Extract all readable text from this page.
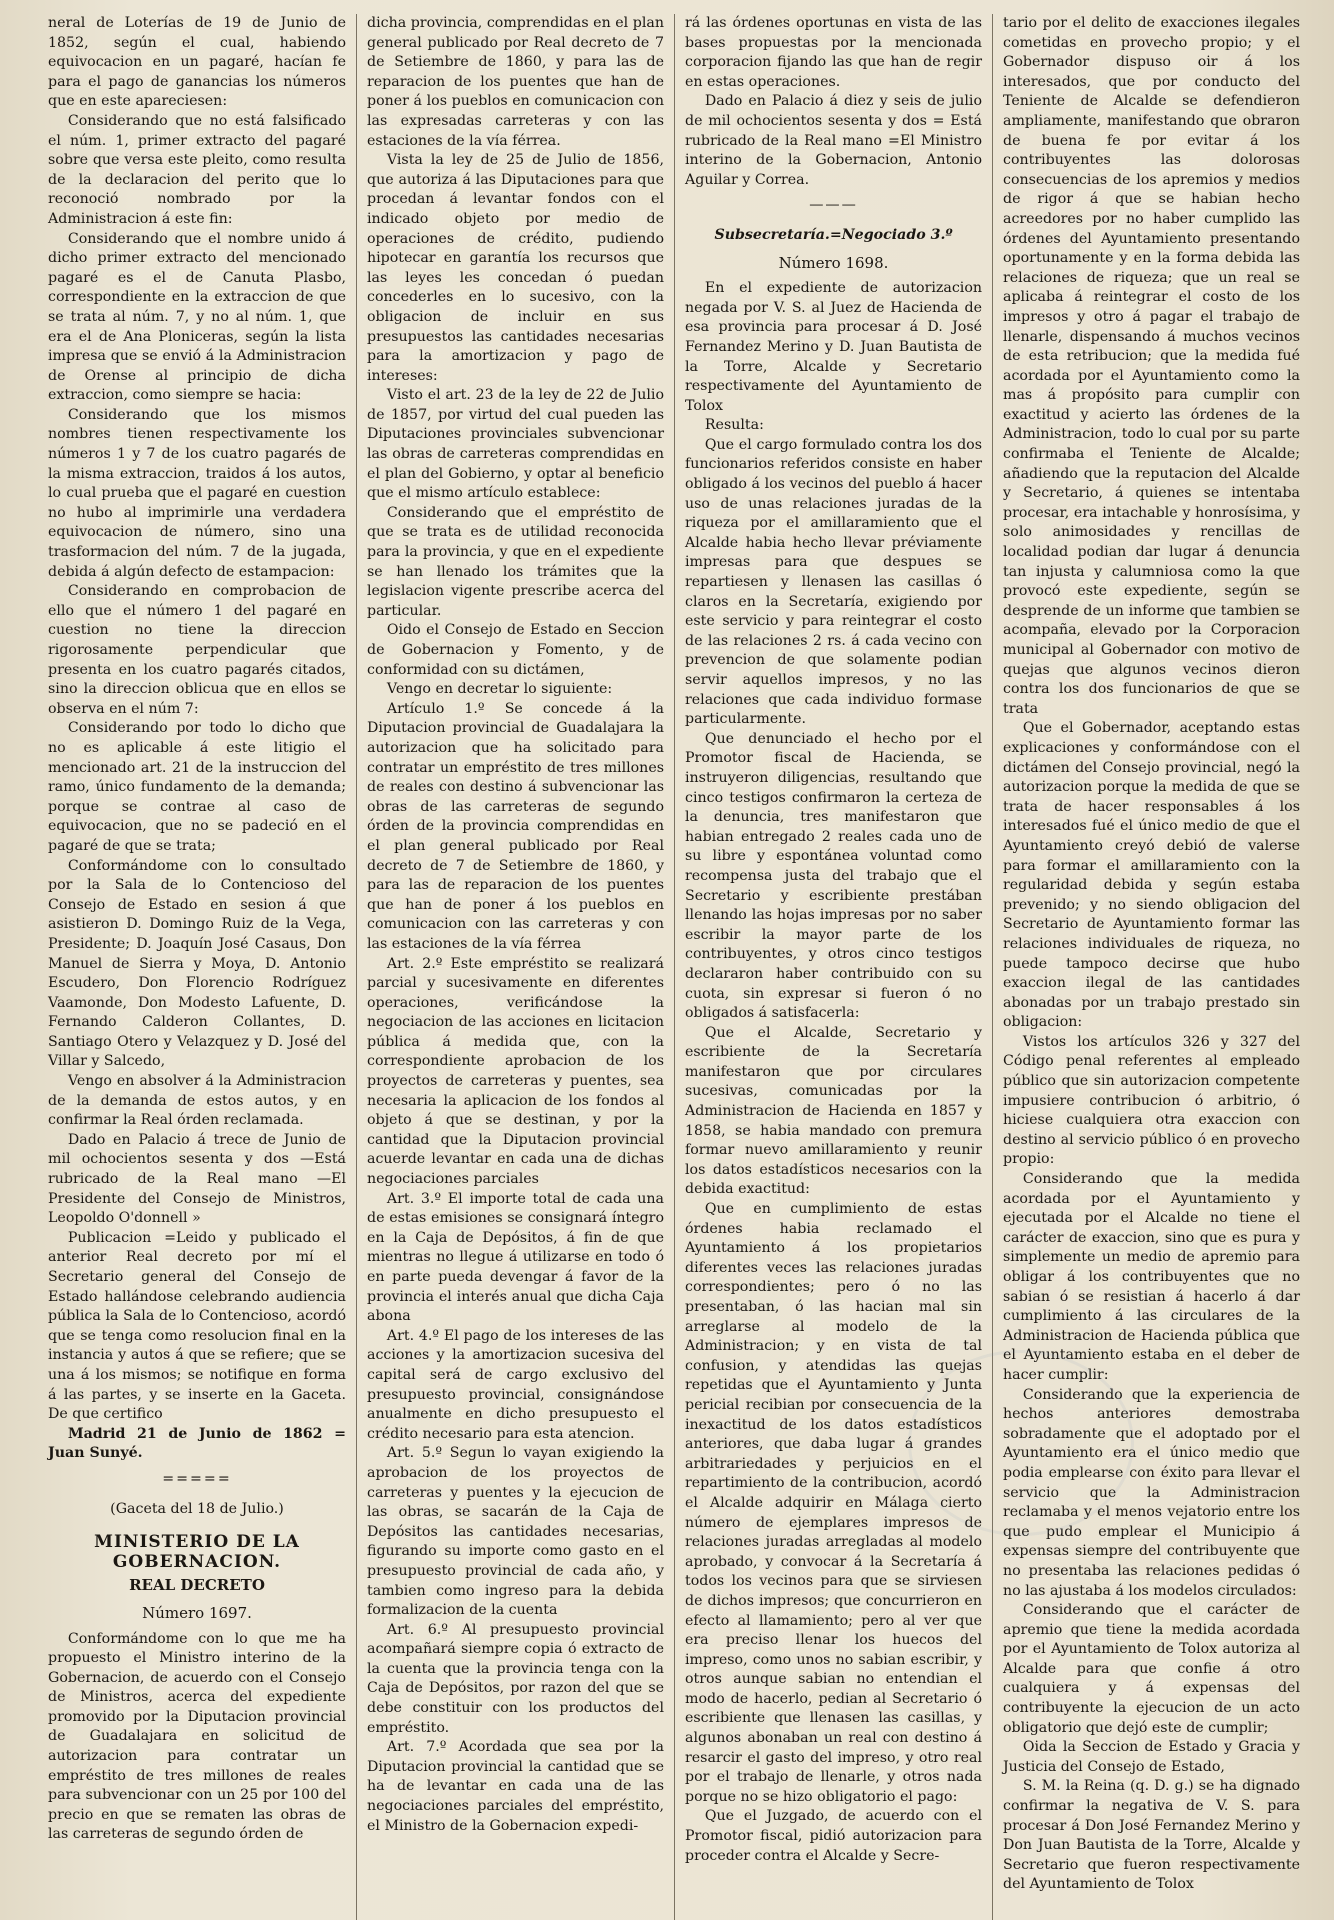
neral de Loterías de 19 de Junio de 1852, según el cual, habiendo equivocacion en un pagaré, hacían fe para el pago de ganancias los números que en este apareciesen:

Considerando que no está falsificado el núm. 1, primer extracto del pagaré sobre que versa este pleito, como resulta de la declaracion del perito que lo reconoció nombrado por la Administracion á este fin:

Considerando que el nombre unido á dicho primer extracto del mencionado pagaré es el de Canuta Plasbo, correspondiente en la extraccion de que se trata al núm. 7, y no al núm. 1, que era el de Ana Ploniceras, según la lista impresa que se envió á la Administracion de Orense al principio de dicha extraccion, como siempre se hacia:

Considerando que los mismos nombres tienen respectivamente los números 1 y 7 de los cuatro pagarés de la misma extraccion, traidos á los autos, lo cual prueba que el pagaré en cuestion no hubo al imprimirle una verdadera equivocacion de número, sino una trasformacion del núm. 7 de la jugada, debida á algún defecto de estampacion:

Considerando en comprobacion de ello que el número 1 del pagaré en cuestion no tiene la direccion rigorosamente perpendicular que presenta en los cuatro pagarés citados, sino la direccion oblicua que en ellos se observa en el núm 7:

Considerando por todo lo dicho que no es aplicable á este litigio el mencionado art. 21 de la instruccion del ramo, único fundamento de la demanda; porque se contrae al caso de equivocacion, que no se padeció en el pagaré de que se trata;

Conformándome con lo consultado por la Sala de lo Contencioso del Consejo de Estado en sesion á que asistieron D. Domingo Ruiz de la Vega, Presidente; D. Joaquín José Casaus, Don Manuel de Sierra y Moya, D. Antonio Escudero, Don Florencio Rodríguez Vaamonde, Don Modesto Lafuente, D. Fernando Calderon Collantes, D. Santiago Otero y Velazquez y D. José del Villar y Salcedo,

Vengo en absolver á la Administracion de la demanda de estos autos, y en confirmar la Real órden reclamada.

Dado en Palacio á trece de Junio de mil ochocientos sesenta y dos —Está rubricado de la Real mano —El Presidente del Consejo de Ministros, Leopoldo O'donnell »

Publicacion =Leido y publicado el anterior Real decreto por mí el Secretario general del Consejo de Estado hallándose celebrando audiencia pública la Sala de lo Contencioso, acordó que se tenga como resolucion final en la instancia y autos á que se refiere; que se una á los mismos; se notifique en forma á las partes, y se inserte en la Gaceta. De que certifico

Madrid 21 de Junio de 1862 = Juan Sunyé.

=====
(Gaceta del 18 de Julio.)
MINISTERIO DE LA GOBERNACION.
REAL DECRETO
Número 1697.

Conformándome con lo que me ha propuesto el Ministro interino de la Gobernacion, de acuerdo con el Consejo de Ministros, acerca del expediente promovido por la Diputacion provincial de Guadalajara en solicitud de autorizacion para contratar un empréstito de tres millones de reales para subvencionar con un 25 por 100 del precio en que se rematen las obras de las carreteras de segundo órden de

dicha provincia, comprendidas en el plan general publicado por Real decreto de 7 de Setiembre de 1860, y para las de reparacion de los puentes que han de poner á los pueblos en comunicacion con las expresadas carreteras y con las estaciones de la vía férrea.

Vista la ley de 25 de Julio de 1856, que autoriza á las Diputaciones para que procedan á levantar fondos con el indicado objeto por medio de operaciones de crédito, pudiendo hipotecar en garantía los recursos que las leyes les concedan ó puedan concederles en lo sucesivo, con la obligacion de incluir en sus presupuestos las cantidades necesarias para la amortizacion y pago de intereses:

Visto el art. 23 de la ley de 22 de Julio de 1857, por virtud del cual pueden las Diputaciones provinciales subvencionar las obras de carreteras comprendidas en el plan del Gobierno, y optar al beneficio que el mismo artículo establece:

Considerando que el empréstito de que se trata es de utilidad reconocida para la provincia, y que en el expediente se han llenado los trámites que la legislacion vigente prescribe acerca del particular.

Oido el Consejo de Estado en Seccion de Gobernacion y Fomento, y de conformidad con su dictámen,

Vengo en decretar lo siguiente:

Artículo 1.º Se concede á la Diputacion provincial de Guadalajara la autorizacion que ha solicitado para contratar un empréstito de tres millones de reales con destino á subvencionar las obras de las carreteras de segundo órden de la provincia comprendidas en el plan general publicado por Real decreto de 7 de Setiembre de 1860, y para las de reparacion de los puentes que han de poner á los pueblos en comunicacion con las carreteras y con las estaciones de la vía férrea

Art. 2.º Este empréstito se realizará parcial y sucesivamente en diferentes operaciones, verificándose la negociacion de las acciones en licitacion pública á medida que, con la correspondiente aprobacion de los proyectos de carreteras y puentes, sea necesaria la aplicacion de los fondos al objeto á que se destinan, y por la cantidad que la Diputacion provincial acuerde levantar en cada una de dichas negociaciones parciales

Art. 3.º El importe total de cada una de estas emisiones se consignará íntegro en la Caja de Depósitos, á fin de que mientras no llegue á utilizarse en todo ó en parte pueda devengar á favor de la provincia el interés anual que dicha Caja abona

Art. 4.º El pago de los intereses de las acciones y la amortizacion sucesiva del capital será de cargo exclusivo del presupuesto provincial, consignándose anualmente en dicho presupuesto el crédito necesario para esta atencion.

Art. 5.º Segun lo vayan exigiendo la aprobacion de los proyectos de carreteras y puentes y la ejecucion de las obras, se sacarán de la Caja de Depósitos las cantidades necesarias, figurando su importe como gasto en el presupuesto provincial de cada año, y tambien como ingreso para la debida formalizacion de la cuenta

Art. 6.º Al presupuesto provincial acompañará siempre copia ó extracto de la cuenta que la provincia tenga con la Caja de Depósitos, por razon del que se debe constituir con los productos del empréstito.

Art. 7.º Acordada que sea por la Diputacion provincial la cantidad que se ha de levantar en cada una de las negociaciones parciales del empréstito, el Ministro de la Gobernacion expedi-

rá las órdenes oportunas en vista de las bases propuestas por la mencionada corporacion fijando las que han de regir en estas operaciones.

Dado en Palacio á diez y seis de julio de mil ochocientos sesenta y dos = Está rubricado de la Real mano =El Ministro interino de la Gobernacion, Antonio Aguilar y Correa.

———
Subsecretaría.=Negociado 3.º
Número 1698.

En el expediente de autorizacion negada por V. S. al Juez de Hacienda de esa provincia para procesar á D. José Fernandez Merino y D. Juan Bautista de la Torre, Alcalde y Secretario respectivamente del Ayuntamiento de Tolox

Resulta:

Que el cargo formulado contra los dos funcionarios referidos consiste en haber obligado á los vecinos del pueblo á hacer uso de unas relaciones juradas de la riqueza por el amillaramiento que el Alcalde habia hecho llevar préviamente impresas para que despues se repartiesen y llenasen las casillas ó claros en la Secretaría, exigiendo por este servicio y para reintegrar el costo de las relaciones 2 rs. á cada vecino con prevencion de que solamente podian servir aquellos impresos, y no las relaciones que cada individuo formase particularmente.

Que denunciado el hecho por el Promotor fiscal de Hacienda, se instruyeron diligencias, resultando que cinco testigos confirmaron la certeza de la denuncia, tres manifestaron que habian entregado 2 reales cada uno de su libre y espontánea voluntad como recompensa justa del trabajo que el Secretario y escribiente prestában llenando las hojas impresas por no saber escribir la mayor parte de los contribuyentes, y otros cinco testigos declararon haber contribuido con su cuota, sin expresar si fueron ó no obligados á satisfacerla:

Que el Alcalde, Secretario y escribiente de la Secretaría manifestaron que por circulares sucesivas, comunicadas por la Administracion de Hacienda en 1857 y 1858, se habia mandado con premura formar nuevo amillaramiento y reunir los datos estadísticos necesarios con la debida exactitud:

Que en cumplimiento de estas órdenes habia reclamado el Ayuntamiento á los propietarios diferentes veces las relaciones juradas correspondientes; pero ó no las presentaban, ó las hacian mal sin arreglarse al modelo de la Administracion; y en vista de tal confusion, y atendidas las quejas repetidas que el Ayuntamiento y Junta pericial recibian por consecuencia de la inexactitud de los datos estadísticos anteriores, que daba lugar á grandes arbitrariedades y perjuicios en el repartimiento de la contribucion, acordó el Alcalde adquirir en Málaga cierto número de ejemplares impresos de relaciones juradas arregladas al modelo aprobado, y convocar á la Secretaría á todos los vecinos para que se sirviesen de dichos impresos; que concurrieron en efecto al llamamiento; pero al ver que era preciso llenar los huecos del impreso, como unos no sabian escribir, y otros aunque sabian no entendian el modo de hacerlo, pedian al Secretario ó escribiente que llenasen las casillas, y algunos abonaban un real con destino á resarcir el gasto del impreso, y otro real por el trabajo de llenarle, y otros nada porque no se hizo obligatorio el pago:

Que el Juzgado, de acuerdo con el Promotor fiscal, pidió autorizacion para proceder contra el Alcalde y Secre-

tario por el delito de exacciones ilegales cometidas en provecho propio; y el Gobernador dispuso oir á los interesados, que por conducto del Teniente de Alcalde se defendieron ampliamente, manifestando que obraron de buena fe por evitar á los contribuyentes las dolorosas consecuencias de los apremios y medios de rigor á que se habian hecho acreedores por no haber cumplido las órdenes del Ayuntamiento presentando oportunamente y en la forma debida las relaciones de riqueza; que un real se aplicaba á reintegrar el costo de los impresos y otro á pagar el trabajo de llenarle, dispensando á muchos vecinos de esta retribucion; que la medida fué acordada por el Ayuntamiento como la mas á propósito para cumplir con exactitud y acierto las órdenes de la Administracion, todo lo cual por su parte confirmaba el Teniente de Alcalde; añadiendo que la reputacion del Alcalde y Secretario, á quienes se intentaba procesar, era intachable y honrosísima, y solo animosidades y rencillas de localidad podian dar lugar á denuncia tan injusta y calumniosa como la que provocó este expediente, según se desprende de un informe que tambien se acompaña, elevado por la Corporacion municipal al Gobernador con motivo de quejas que algunos vecinos dieron contra los dos funcionarios de que se trata

Que el Gobernador, aceptando estas explicaciones y conformándose con el dictámen del Consejo provincial, negó la autorizacion porque la medida de que se trata de hacer responsables á los interesados fué el único medio de que el Ayuntamiento creyó debió de valerse para formar el amillaramiento con la regularidad debida y según estaba prevenido; y no siendo obligacion del Secretario de Ayuntamiento formar las relaciones individuales de riqueza, no puede tampoco decirse que hubo exaccion ilegal de las cantidades abonadas por un trabajo prestado sin obligacion:

Vistos los artículos 326 y 327 del Código penal referentes al empleado público que sin autorizacion competente impusiere contribucion ó arbitrio, ó hiciese cualquiera otra exaccion con destino al servicio público ó en provecho propio:

Considerando que la medida acordada por el Ayuntamiento y ejecutada por el Alcalde no tiene el carácter de exaccion, sino que es pura y simplemente un medio de apremio para obligar á los contribuyentes que no sabian ó se resistian á hacerlo á dar cumplimiento á las circulares de la Administracion de Hacienda pública que el Ayuntamiento estaba en el deber de hacer cumplir:

Considerando que la experiencia de hechos anteriores demostraba sobradamente que el adoptado por el Ayuntamiento era el único medio que podia emplearse con éxito para llevar el servicio que la Administracion reclamaba y el menos vejatorio entre los que pudo emplear el Municipio á expensas siempre del contribuyente que no presentaba las relaciones pedidas ó no las ajustaba á los modelos circulados:

Considerando que el carácter de apremio que tiene la medida acordada por el Ayuntamiento de Tolox autoriza al Alcalde para que confie á otro cualquiera y á expensas del contribuyente la ejecucion de un acto obligatorio que dejó este de cumplir;

Oida la Seccion de Estado y Gracia y Justicia del Consejo de Estado,

S. M. la Reina (q. D. g.) se ha dignado confirmar la negativa de V. S. para procesar á Don José Fernandez Merino y Don Juan Bautista de la Torre, Alcalde y Secretario que fueron respectivamente del Ayuntamiento de Tolox
